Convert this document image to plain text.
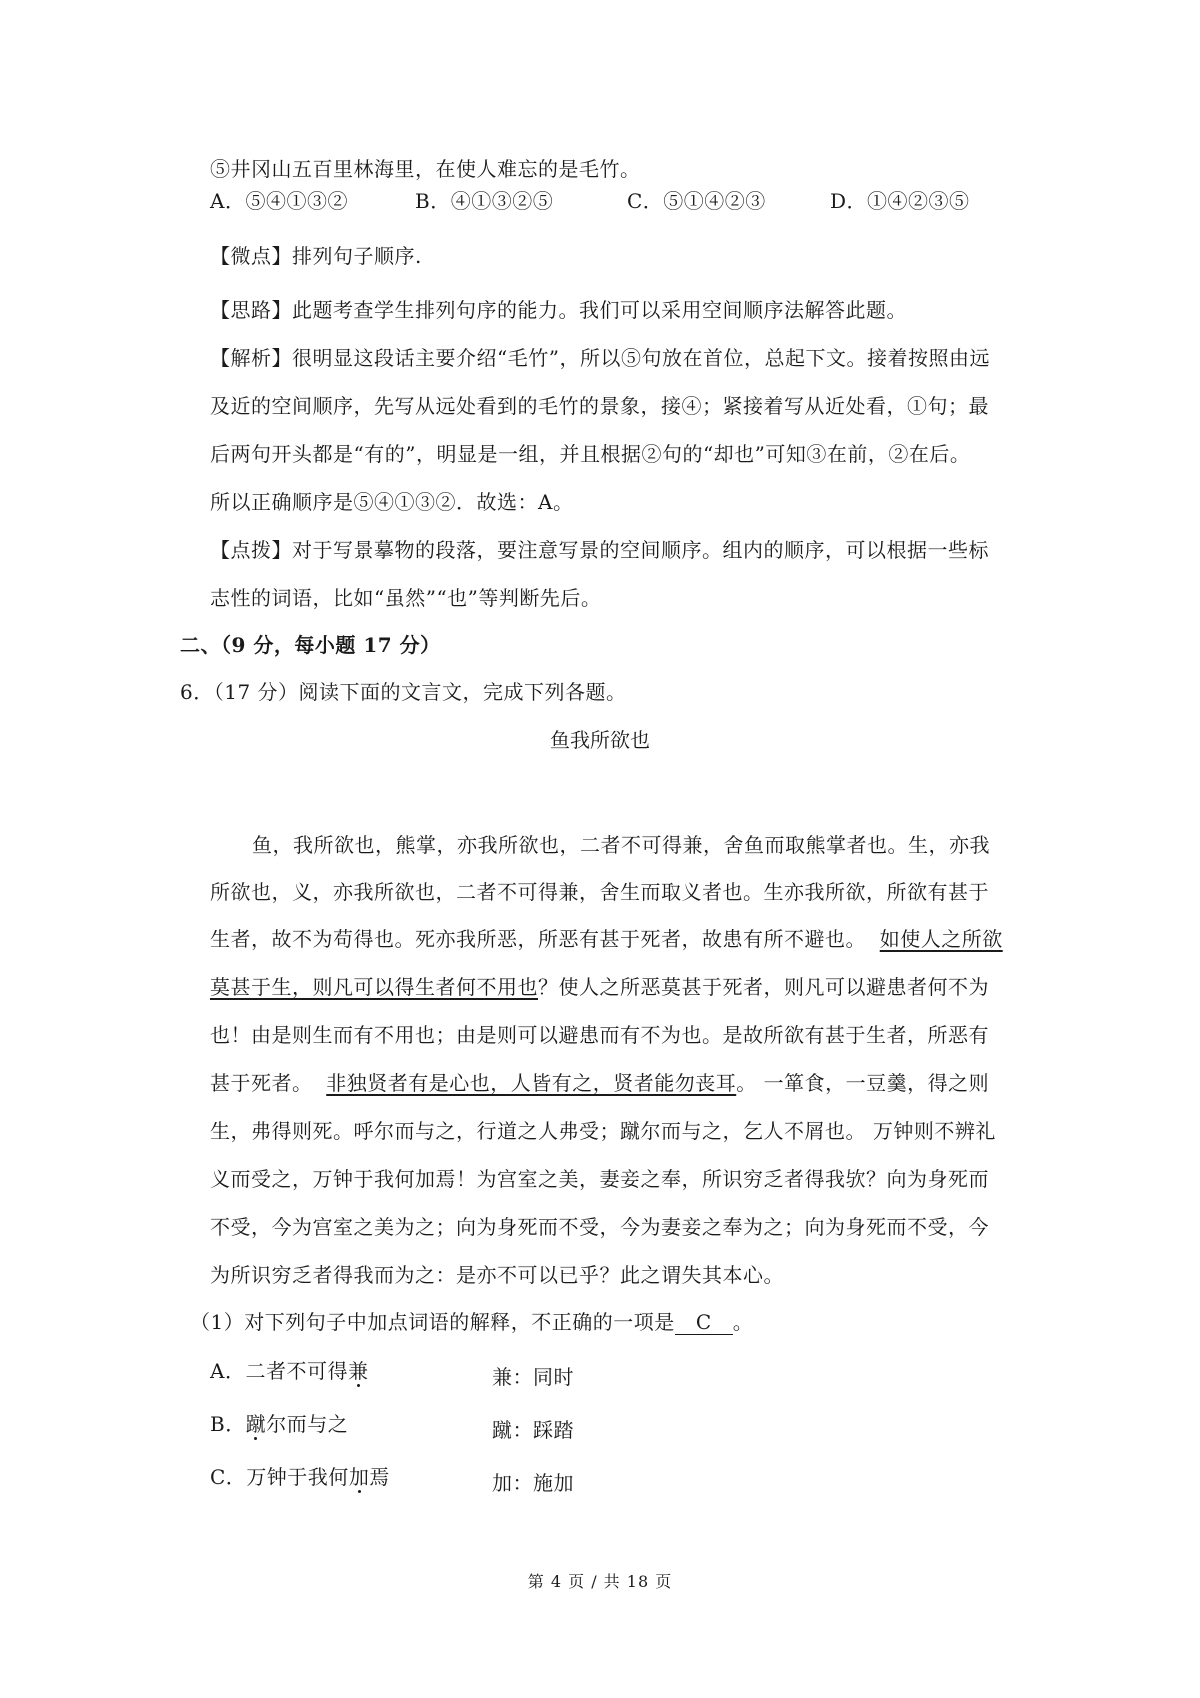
⑤井冈山五百里林海里，在使人难忘的是毛竹。
A．⑤④①③②	B．④①③②⑤	C．⑤①④②③	D．①④②③⑤
【微点】排列句子顺序.
【思路】此题考查学生排列句序的能力。我们可以采用空间顺序法解答此题。
【解析】很明显这段话主要介绍“毛竹”，所以⑤句放在首位，总起下文。接着按照由远
及近的空间顺序，先写从远处看到的毛竹的景象，接④；紧接着写从近处看，①句；最
后两句开头都是“有的”，明显是一组，并且根据②句的“却也”可知③在前，②在后。
所以正确顺序是⑤④①③②．故选：A。
【点拨】对于写景摹物的段落，要注意写景的空间顺序。组内的顺序，可以根据一些标
志性的词语，比如“虽然”“也”等判断先后。
二、（9 分，每小题 17 分）
6．（17 分）阅读下面的文言文，完成下列各题。
鱼我所欲也
鱼，我所欲也，熊掌，亦我所欲也，二者不可得兼，舍鱼而取熊掌者也。生，亦我
所欲也，义，亦我所欲也，二者不可得兼，舍生而取义者也。生亦我所欲，所欲有甚于
生者，故不为苟得也。死亦我所恶，所恶有甚于死者，故患有所不避也。 如使人之所欲
莫甚于生，则凡可以得生者何不用也？使人之所恶莫甚于死者，则凡可以避患者何不为
也！由是则生而有不用也；由是则可以避患而有不为也。是故所欲有甚于生者，所恶有
甚于死者。 非独贤者有是心也，人皆有之，贤者能勿丧耳。 一箪食，一豆羹，得之则
生，弗得则死。呼尔而与之，行道之人弗受；蹴尔而与之，乞人不屑也。 万钟则不辨礼
义而受之，万钟于我何加焉！为宫室之美，妻妾之奉，所识穷乏者得我欤？向为身死而
不受，今为宫室之美为之；向为身死而不受，今为妻妾之奉为之；向为身死而不受，今
为所识穷乏者得我而为之：是亦不可以已乎？此之谓失其本心。
（1）对下列句子中加点词语的解释，不正确的一项是 C 。
A．二者不可得兼	兼：同时
B．蹴尔而与之	蹴：踩踏
C．万钟于我何加焉	加：施加
第 4 页 / 共 18 页
